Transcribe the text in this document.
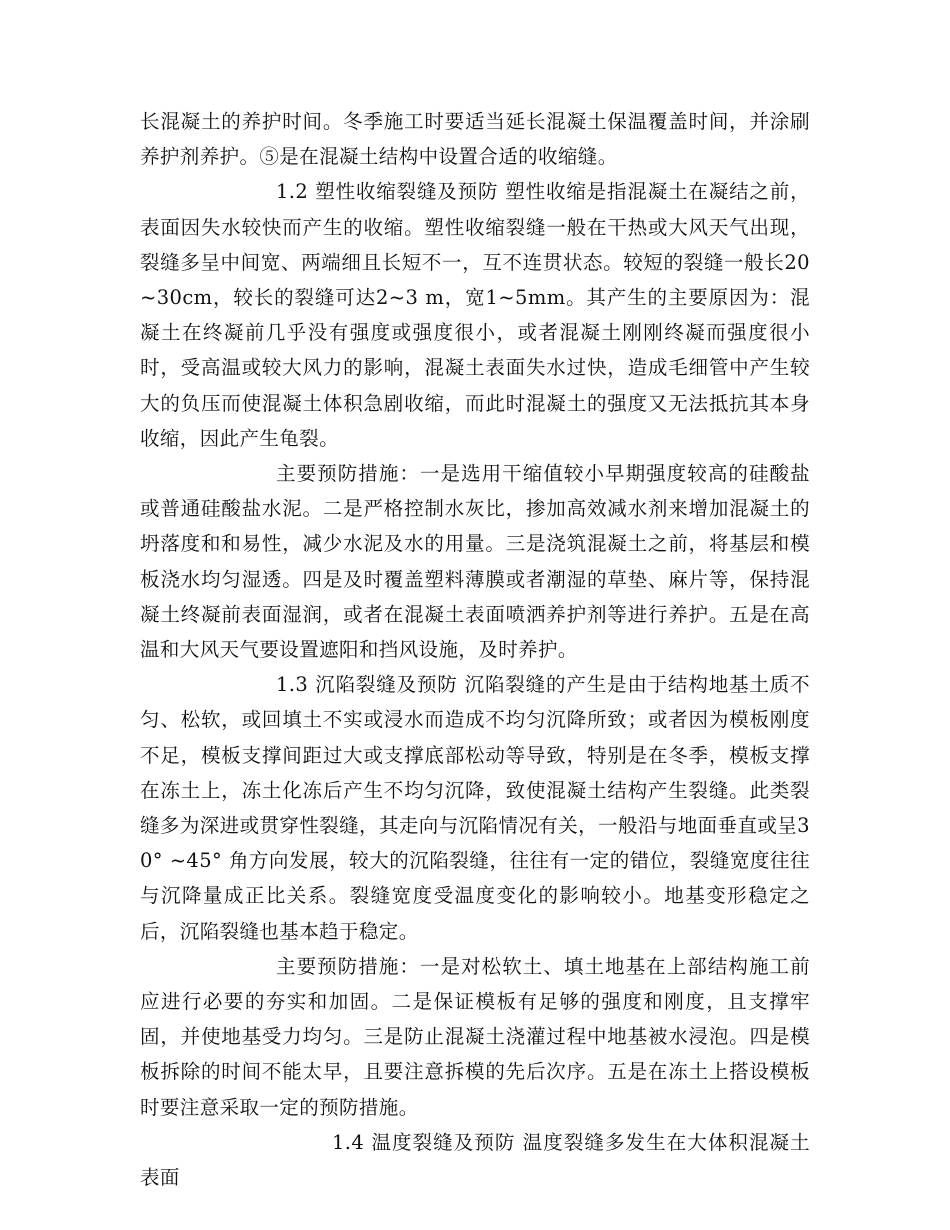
长混凝土的养护时间。冬季施工时要适当延长混凝土保温覆盖时间，并涂刷养护剂养护。⑤是在混凝土结构中设置合适的收缩缝。

1.2 塑性收缩裂缝及预防 塑性收缩是指混凝土在凝结之前，表面因失水较快而产生的收缩。塑性收缩裂缝一般在干热或大风天气出现，裂缝多呈中间宽、两端细且长短不一，互不连贯状态。较短的裂缝一般长20~30cm，较长的裂缝可达2~3 m，宽1~5mm。其产生的主要原因为：混凝土在终凝前几乎没有强度或强度很小，或者混凝土刚刚终凝而强度很小时，受高温或较大风力的影响，混凝土表面失水过快，造成毛细管中产生较大的负压而使混凝土体积急剧收缩，而此时混凝土的强度又无法抵抗其本身收缩，因此产生龟裂。

主要预防措施：一是选用干缩值较小早期强度较高的硅酸盐或普通硅酸盐水泥。二是严格控制水灰比，掺加高效减水剂来增加混凝土的坍落度和和易性，减少水泥及水的用量。三是浇筑混凝土之前，将基层和模板浇水均匀湿透。四是及时覆盖塑料薄膜或者潮湿的草垫、麻片等，保持混凝土终凝前表面湿润，或者在混凝土表面喷洒养护剂等进行养护。五是在高温和大风天气要设置遮阳和挡风设施，及时养护。

1.3 沉陷裂缝及预防 沉陷裂缝的产生是由于结构地基土质不匀、松软，或回填土不实或浸水而造成不均匀沉降所致；或者因为模板刚度不足，模板支撑间距过大或支撑底部松动等导致，特别是在冬季，模板支撑在冻土上，冻土化冻后产生不均匀沉降，致使混凝土结构产生裂缝。此类裂缝多为深进或贯穿性裂缝，其走向与沉陷情况有关，一般沿与地面垂直或呈30° ~45° 角方向发展，较大的沉陷裂缝，往往有一定的错位，裂缝宽度往往与沉降量成正比关系。裂缝宽度受温度变化的影响较小。地基变形稳定之后，沉陷裂缝也基本趋于稳定。

主要预防措施：一是对松软土、填土地基在上部结构施工前应进行必要的夯实和加固。二是保证模板有足够的强度和刚度，且支撑牢固，并使地基受力均匀。三是防止混凝土浇灌过程中地基被水浸泡。四是模板拆除的时间不能太早，且要注意拆模的先后次序。五是在冻土上搭设模板时要注意采取一定的预防措施。

1.4 温度裂缝及预防 温度裂缝多发生在大体积混凝土表面
